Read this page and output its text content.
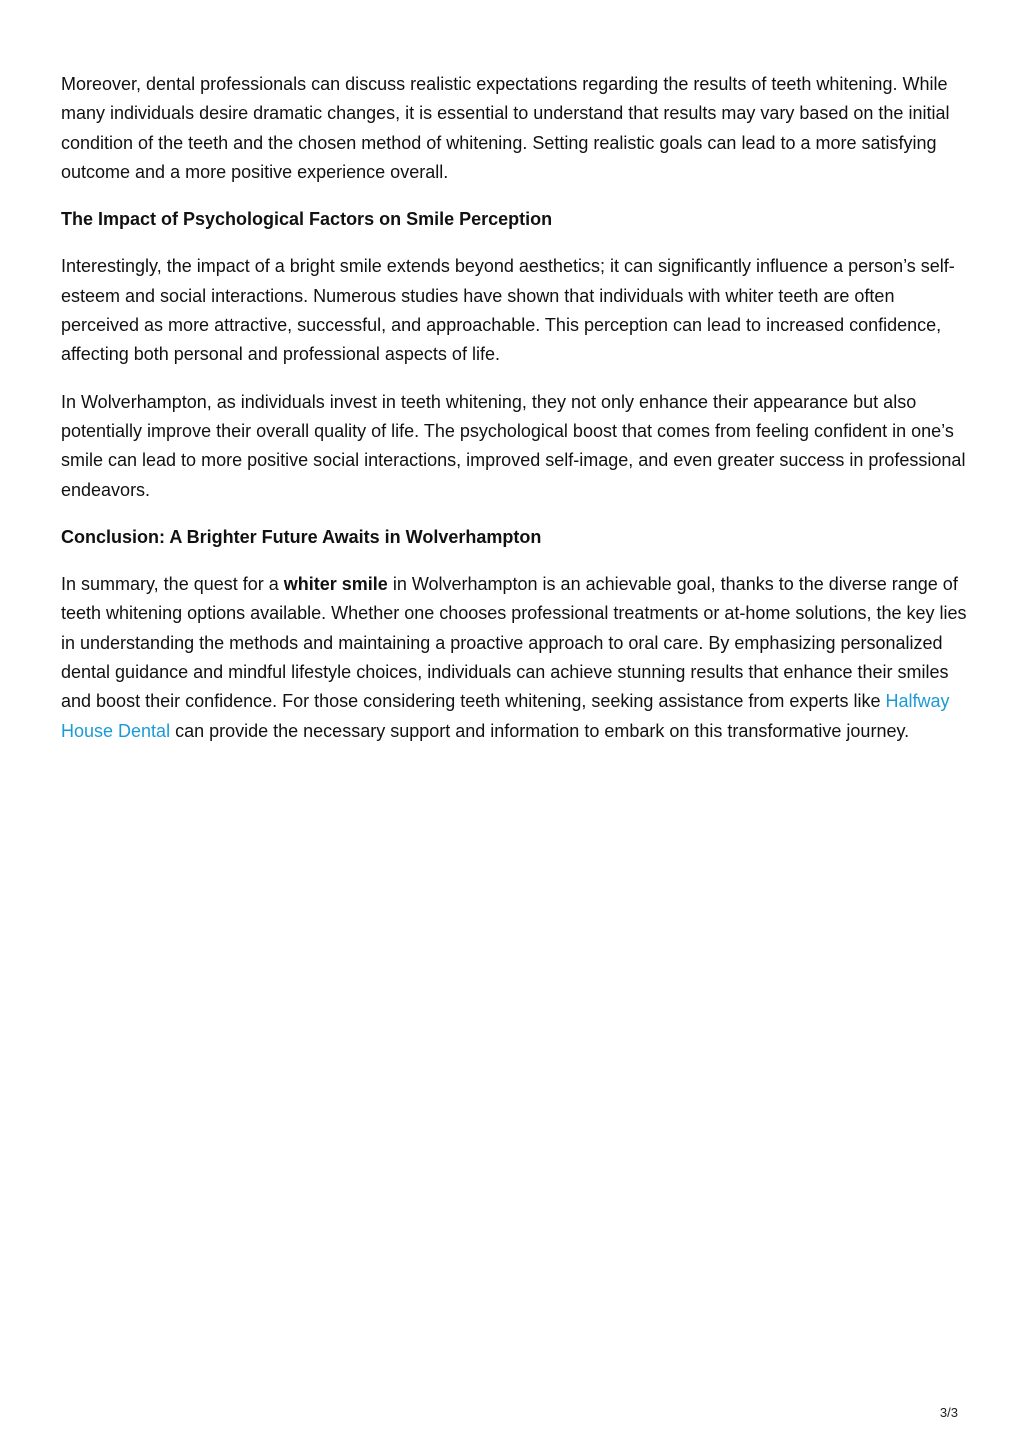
Moreover, dental professionals can discuss realistic expectations regarding the results of teeth whitening. While many individuals desire dramatic changes, it is essential to understand that results may vary based on the initial condition of the teeth and the chosen method of whitening. Setting realistic goals can lead to a more satisfying outcome and a more positive experience overall.

The Impact of Psychological Factors on Smile Perception

Interestingly, the impact of a bright smile extends beyond aesthetics; it can significantly influence a person’s self-esteem and social interactions. Numerous studies have shown that individuals with whiter teeth are often perceived as more attractive, successful, and approachable. This perception can lead to increased confidence, affecting both personal and professional aspects of life.

In Wolverhampton, as individuals invest in teeth whitening, they not only enhance their appearance but also potentially improve their overall quality of life. The psychological boost that comes from feeling confident in one’s smile can lead to more positive social interactions, improved self-image, and even greater success in professional endeavors.

Conclusion: A Brighter Future Awaits in Wolverhampton

In summary, the quest for a whiter smile in Wolverhampton is an achievable goal, thanks to the diverse range of teeth whitening options available. Whether one chooses professional treatments or at-home solutions, the key lies in understanding the methods and maintaining a proactive approach to oral care. By emphasizing personalized dental guidance and mindful lifestyle choices, individuals can achieve stunning results that enhance their smiles and boost their confidence. For those considering teeth whitening, seeking assistance from experts like Halfway House Dental can provide the necessary support and information to embark on this transformative journey.

3/3
